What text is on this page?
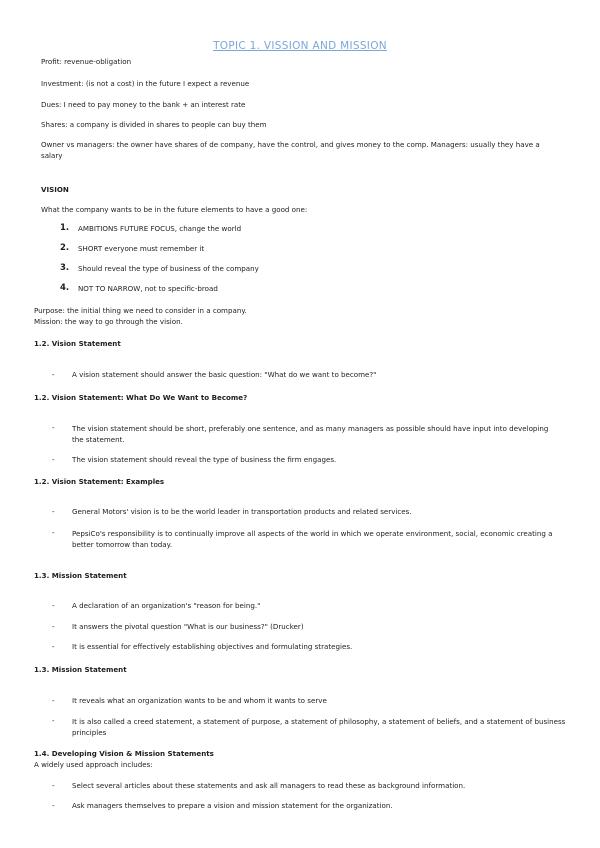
TOPIC 1. VISSION AND MISSION
Profit: revenue-obligation
Investment: (is not a cost) in the future I expect a revenue
Dues: I need to pay money to the bank + an interest rate
Shares: a company is divided in shares to people can buy them
Owner vs managers: the owner have shares of de company, have the control, and gives money to the comp. Managers: usually they have a salary
VISION
What the company wants to be in the future elements to have a good one:
1. AMBITIONS FUTURE FOCUS, change the world
2. SHORT everyone must remember it
3. Should reveal the type of business of the company
4. NOT TO NARROW, not to specific-broad
Purpose: the initial thing we need to consider in a company.
Mission: the way to go through the vision.
1.2. Vision Statement
- A vision statement should answer the basic question: "What do we want to become?"
1.2. Vision Statement: What Do We Want to Become?
- The vision statement should be short, preferably one sentence, and as many managers as possible should have input into developing the statement.
- The vision statement should reveal the type of business the firm engages.
1.2. Vision Statement: Examples
- General Motors' vision is to be the world leader in transportation products and related services.
- PepsiCo's responsibility is to continually improve all aspects of the world in which we operate environment, social, economic creating a better tomorrow than today.
1.3. Mission Statement
- A declaration of an organization's "reason for being."
- It answers the pivotal question "What is our business?" (Drucker)
- It is essential for effectively establishing objectives and formulating strategies.
1.3. Mission Statement
- It reveals what an organization wants to be and whom it wants to serve
- It is also called a creed statement, a statement of purpose, a statement of philosophy, a statement of beliefs, and a statement of business principles
1.4. Developing Vision & Mission Statements
A widely used approach includes:
- Select several articles about these statements and ask all managers to read these as background information.
- Ask managers themselves to prepare a vision and mission statement for the organization.
